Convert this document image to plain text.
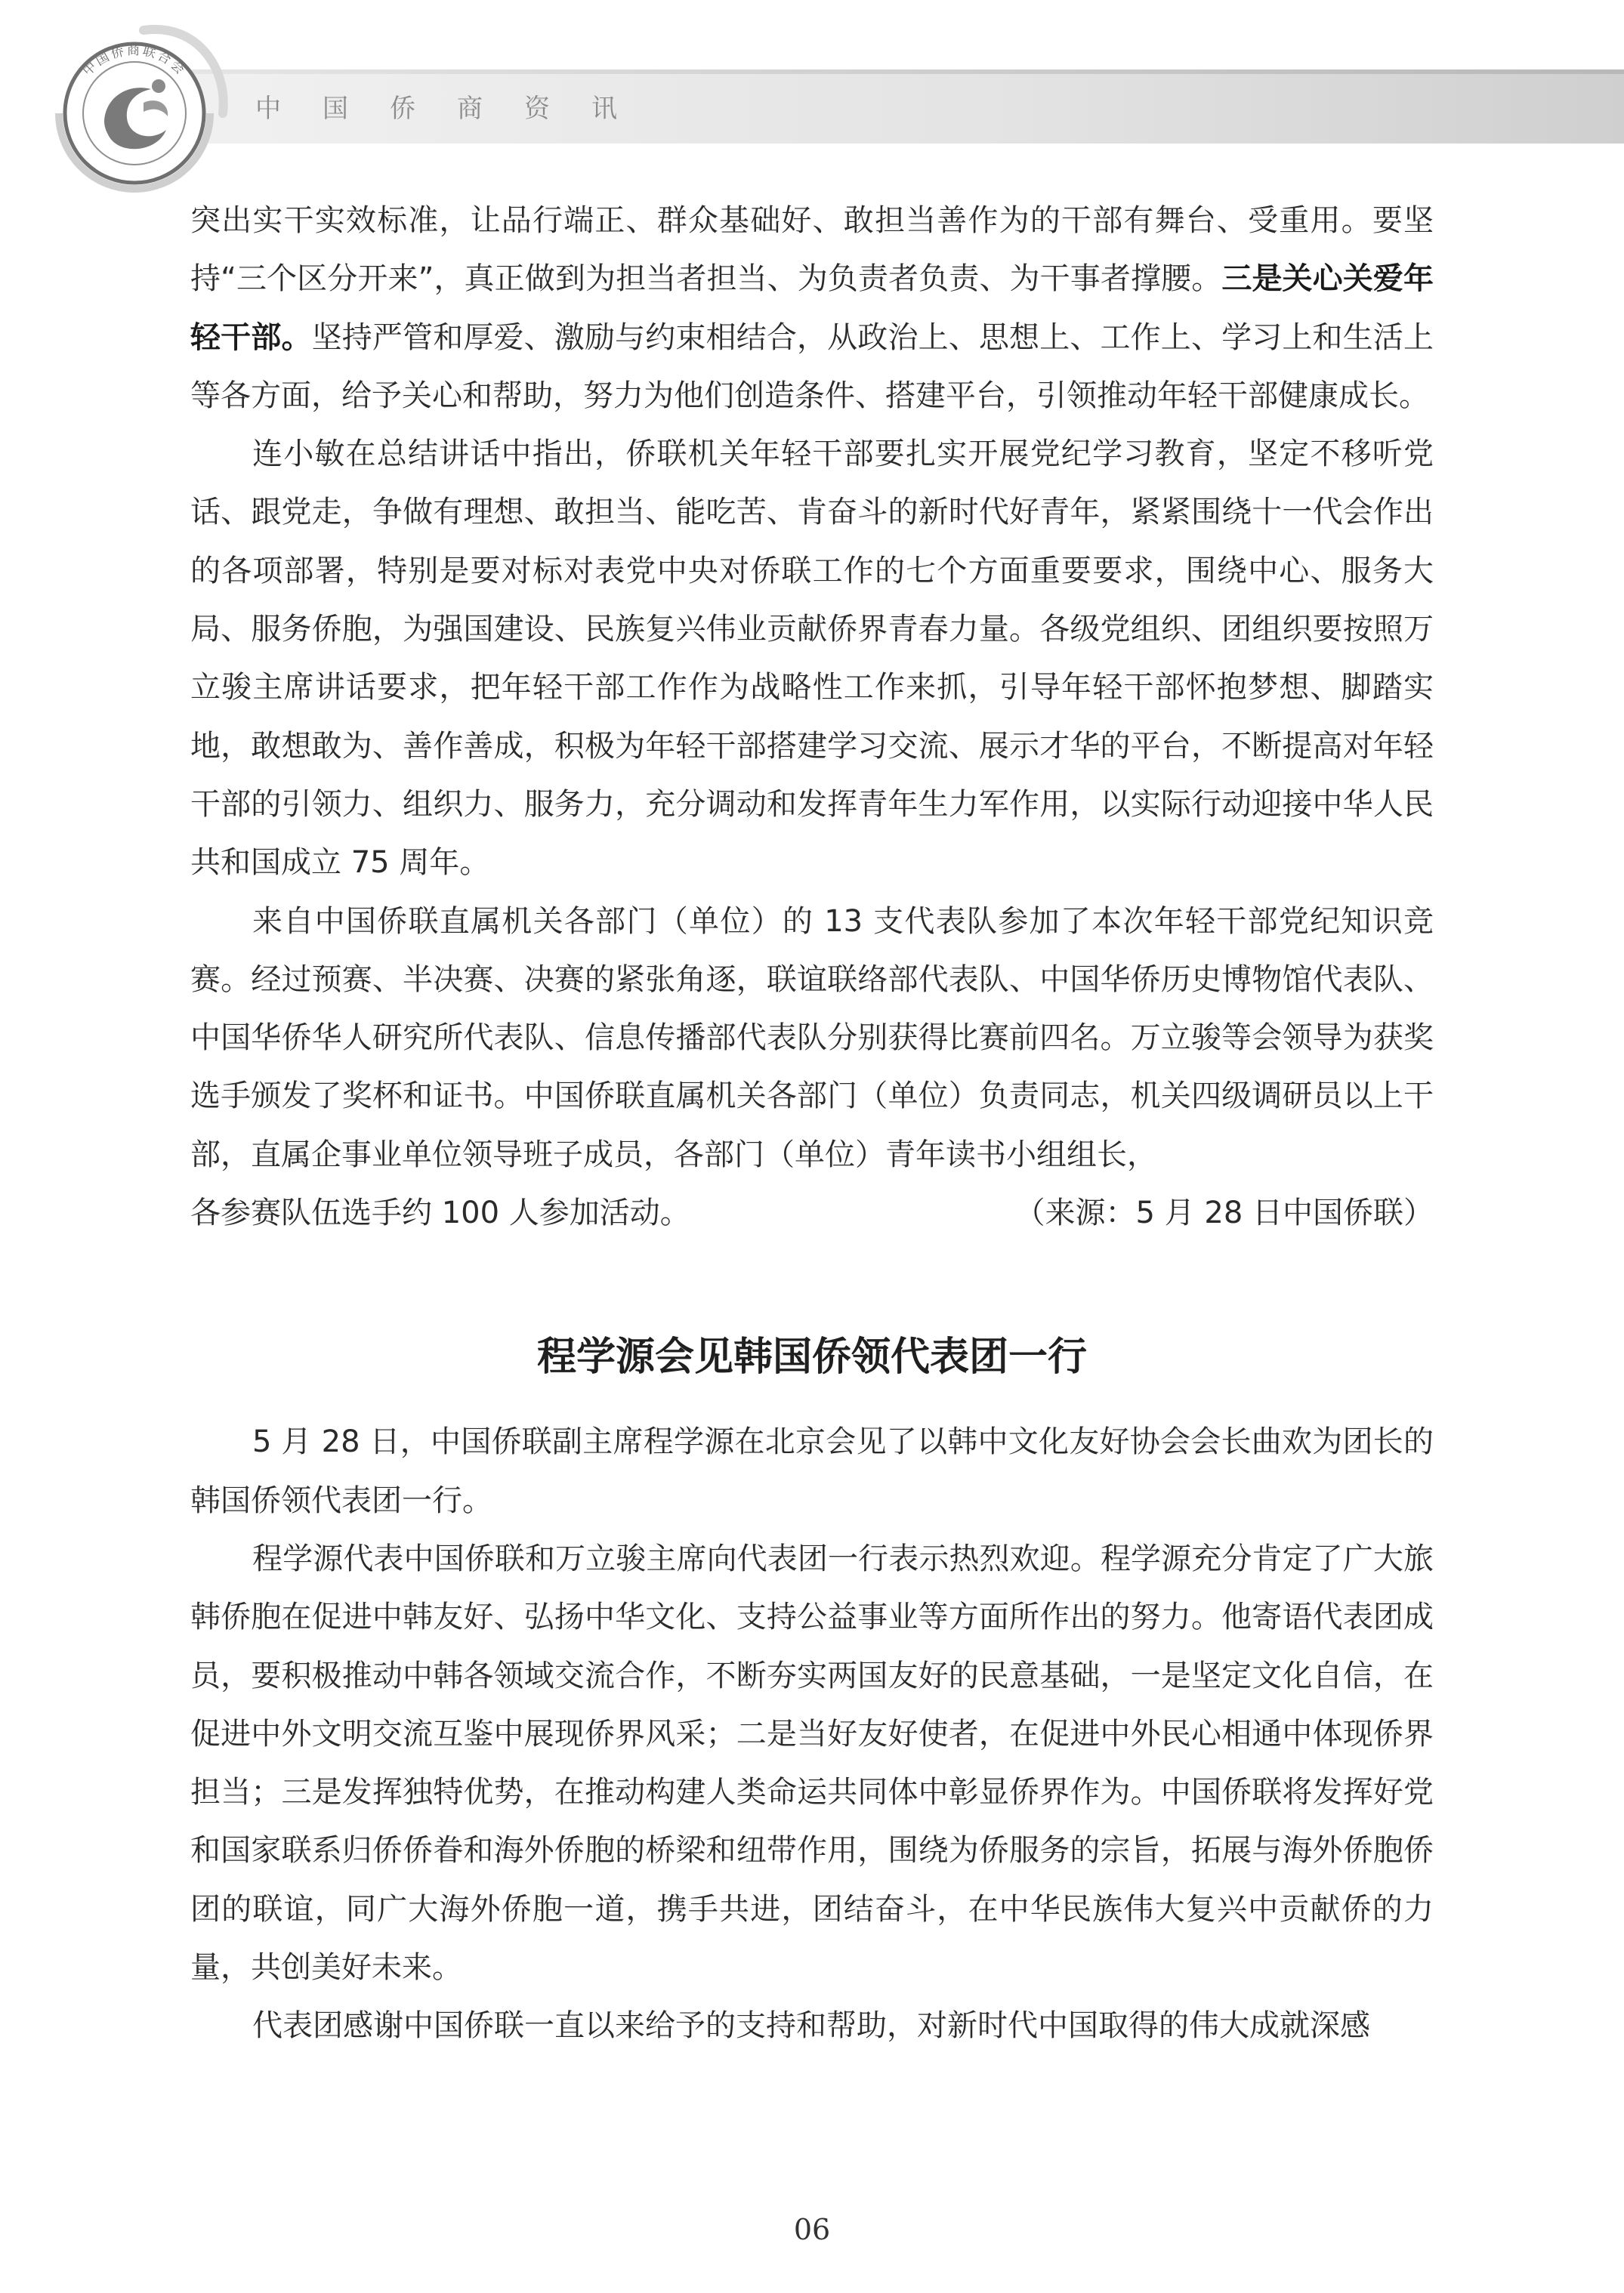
中国侨商联合会
中国侨商资讯

突出实干实效标准，让品行端正、群众基础好、敢担当善作为的干部有舞台、受重用。要坚持“三个区分开来”，真正做到为担当者担当、为负责者负责、为干事者撑腰。三是关心关爱年轻干部。坚持严管和厚爱、激励与约束相结合，从政治上、思想上、工作上、学习上和生活上等各方面，给予关心和帮助，努力为他们创造条件、搭建平台，引领推动年轻干部健康成长。

连小敏在总结讲话中指出，侨联机关年轻干部要扎实开展党纪学习教育，坚定不移听党话、跟党走，争做有理想、敢担当、能吃苦、肯奋斗的新时代好青年，紧紧围绕十一代会作出的各项部署，特别是要对标对表党中央对侨联工作的七个方面重要要求，围绕中心、服务大局、服务侨胞，为强国建设、民族复兴伟业贡献侨界青春力量。各级党组织、团组织要按照万立骏主席讲话要求，把年轻干部工作作为战略性工作来抓，引导年轻干部怀抱梦想、脚踏实地，敢想敢为、善作善成，积极为年轻干部搭建学习交流、展示才华的平台，不断提高对年轻干部的引领力、组织力、服务力，充分调动和发挥青年生力军作用，以实际行动迎接中华人民共和国成立 75 周年。

来自中国侨联直属机关各部门（单位）的 13 支代表队参加了本次年轻干部党纪知识竞赛。经过预赛、半决赛、决赛的紧张角逐，联谊联络部代表队、中国华侨历史博物馆代表队、中国华侨华人研究所代表队、信息传播部代表队分别获得比赛前四名。万立骏等会领导为获奖选手颁发了奖杯和证书。中国侨联直属机关各部门（单位）负责同志，机关四级调研员以上干部，直属企事业单位领导班子成员，各部门（单位）青年读书小组组长，

各参赛队伍选手约 100 人参加活动。	（来源：5 月 28 日中国侨联）

程学源会见韩国侨领代表团一行

5 月 28 日，中国侨联副主席程学源在北京会见了以韩中文化友好协会会长曲欢为团长的韩国侨领代表团一行。

程学源代表中国侨联和万立骏主席向代表团一行表示热烈欢迎。程学源充分肯定了广大旅韩侨胞在促进中韩友好、弘扬中华文化、支持公益事业等方面所作出的努力。他寄语代表团成员，要积极推动中韩各领域交流合作，不断夯实两国友好的民意基础，一是坚定文化自信，在促进中外文明交流互鉴中展现侨界风采；二是当好友好使者，在促进中外民心相通中体现侨界担当；三是发挥独特优势，在推动构建人类命运共同体中彰显侨界作为。中国侨联将发挥好党和国家联系归侨侨眷和海外侨胞的桥梁和纽带作用，围绕为侨服务的宗旨，拓展与海外侨胞侨团的联谊，同广大海外侨胞一道，携手共进，团结奋斗，在中华民族伟大复兴中贡献侨的力量，共创美好未来。

代表团感谢中国侨联一直以来给予的支持和帮助，对新时代中国取得的伟大成就深感

06
